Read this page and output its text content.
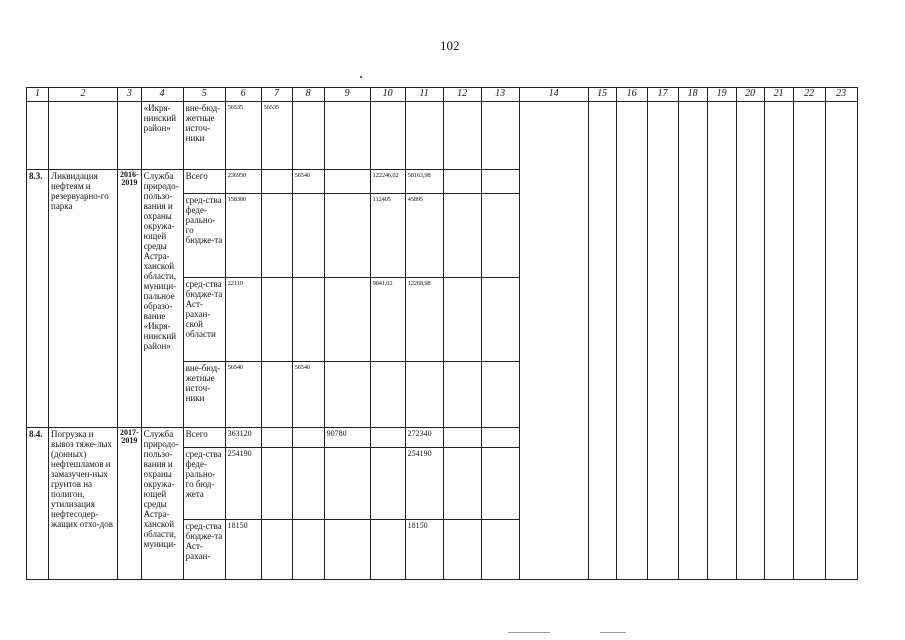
102
1	2	3	4	5	6	7	8	9	10	11	12	13	14	15	16	17	18	19	20	21	22	23
			«Икря-нинский район»	вне-бюд-жетные источ-ники	56535	56535																
8.3.	Ликвидация нефтеям и резервуарно-го парка	2016-2019	Служба природо-пользо-вания и охраны окружа-ющей среды Астра-ханской области, муници-пальное образо-вание «Икря-нинский район»	Всего	236950		56540		122246,02	58163,98												
				сред-ства феде-рально-го бюдже-та	158300				112405	45895												
				сред-ства бюдже-та Аст-рахан-ской области	22110				9841,02	12268,98												
				вне-бюд-жетные источ-ники	56540		56540															
8.4.	Погрузка и вывоз тяже-лых (донных) нефтешламов и замазучен-ных грунтов на полигон, утилизация нефтесодер-жащих отхо-дов	2017-2019	Служба природо-пользо-вания и охраны окружа-ющей среды Астра-ханской области, муници-	Всего	363120			90780		272340												
				сред-ства феде-рально-го бюд-жета	254190					254190												
				сред-ства бюдже-та Аст-рахан-	18150					18150												
